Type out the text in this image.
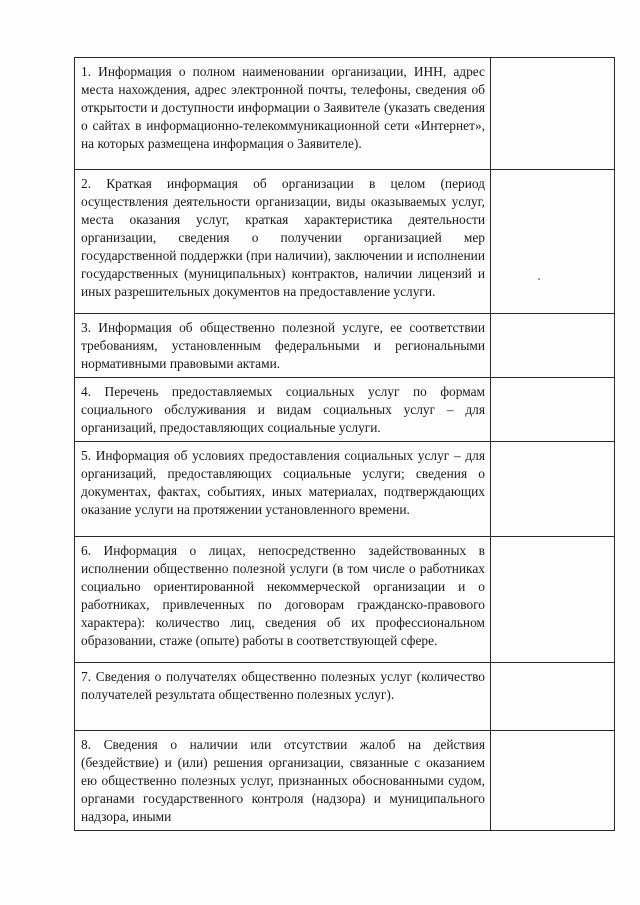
1. Информация о полном наименовании организации, ИНН, адрес места нахождения, адрес электронной почты, телефоны, сведения об открытости и доступности информации о Заявителе (указать сведения о сайтах в информационно-телекоммуникационной сети «Интернет», на которых размещена информация о Заявителе).	
2. Краткая информация об организации в целом (период осуществления деятельности организации, виды оказываемых услуг, места оказания услуг, краткая характеристика деятельности организации, сведения о получении организацией мер государственной поддержки (при наличии), заключении и исполнении государственных (муниципальных) контрактов, наличии лицензий и иных разрешительных документов на предоставление услуги.	
3. Информация об общественно полезной услуге, ее соответствии требованиям, установленным федеральными и региональными нормативными правовыми актами.	
4. Перечень предоставляемых социальных услуг по формам социального обслуживания и видам социальных услуг – для организаций, предоставляющих социальные услуги.	
5. Информация об условиях предоставления социальных услуг – для организаций, предоставляющих социальные услуги; сведения о документах, фактах, событиях, иных материалах, подтверждающих оказание услуги на протяжении установленного времени.	
6. Информация о лицах, непосредственно задействованных в исполнении общественно полезной услуги (в том числе о работниках социально ориентированной некоммерческой организации и о работниках, привлеченных по договорам гражданско-правового характера): количество лиц, сведения об их профессиональном образовании, стаже (опыте) работы в соответствующей сфере.	
7. Сведения о получателях общественно полезных услуг (количество получателей результата общественно полезных услуг).	
8. Сведения о наличии или отсутствии жалоб на действия (бездействие) и (или) решения организации, связанные с оказанием ею общественно полезных услуг, признанных обоснованными судом, органами государственного контроля (надзора) и муниципального надзора, иными	
